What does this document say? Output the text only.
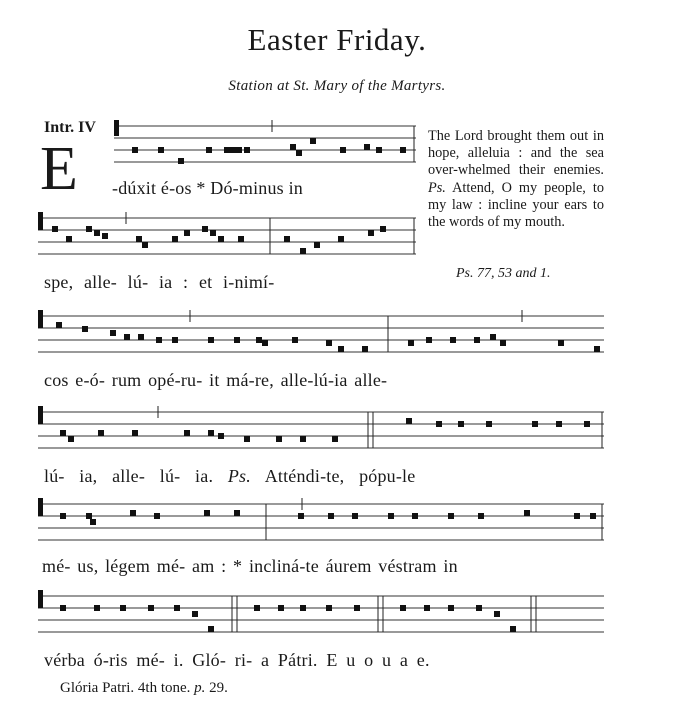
Easter Friday.
Station at St. Mary of the Martyrs.
Intr. IV
E -dúxit é-os * Dó-minus in
spe, alle- lú- ia : et i-nimí-
The Lord brought them out in hope, alleluia : and the sea over-whelmed their enemies. Ps. Attend, O my people, to my law : incline your ears to the words of my mouth.
Ps. 77, 53 and 1.
cos e-ó- rum opé-ru- it má-re, alle-lú-ia alle-
lú- ia, alle- lú- ia. Ps. Atténdi-te, pópu-le
mé- us, légem mé- am : * incliná-te áurem véstram in
vérba ó-ris mé- i. Gló- ri- a Pátri. E u o u a e.
Glória Patri. 4th tone. p. 29.
